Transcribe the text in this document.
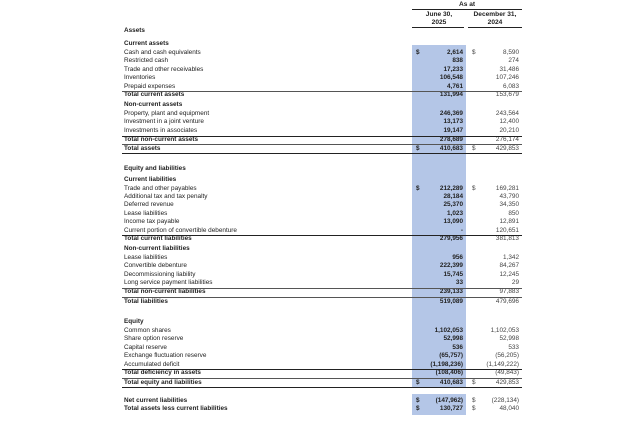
As at
June 30,
2025
December 31,
2024
Assets
Current assets
Cash and cash equivalents	$	2,614 $	8,590
Restricted cash	838	274
Trade and other receivables	17,233	31,486
Inventories	106,548	107,246
Prepaid expenses	4,761	6,083
Total current assets	131,994	153,679
Non-current assets
Property, plant and equipment	246,369	243,564
Investment in a joint venture	13,173	12,400
Investments in associates	19,147	20,210
Total non-current assets	278,689	276,174
Total assets	$	410,683 $	429,853
Equity and liabilities
Current liabilities
Trade and other payables	$	212,289 $	169,281
Additional tax and tax penalty	28,184	43,790
Deferred revenue	25,370	34,350
Lease liabilities	1,023	850
Income tax payable	13,090	12,891
Current portion of convertible debenture	-	120,651
Total current liabilities	279,956	381,813
Non-current liabilities
Lease liabilities	956	1,342
Convertible debenture	222,399	84,267
Decommissioning liability	15,745	12,245
Long service payment liabilities	33	29
Total non-current liabilities	239,133	97,883
Total liabilities	519,089	479,696
Equity
Common shares	1,102,053	1,102,053
Share option reserve	52,998	52,998
Capital reserve	536	533
Exchange fluctuation reserve	(65,757)	(56,205)
Accumulated deficit	(1,198,236)	(1,149,222)
Total deficiency in assets	(108,406)	(49,843)
Total equity and liabilities	$	410,683 $	429,853
Net current liabilities	$	(147,962) $	(228,134)
Total assets less current liabilities	$	130,727 $	48,040
